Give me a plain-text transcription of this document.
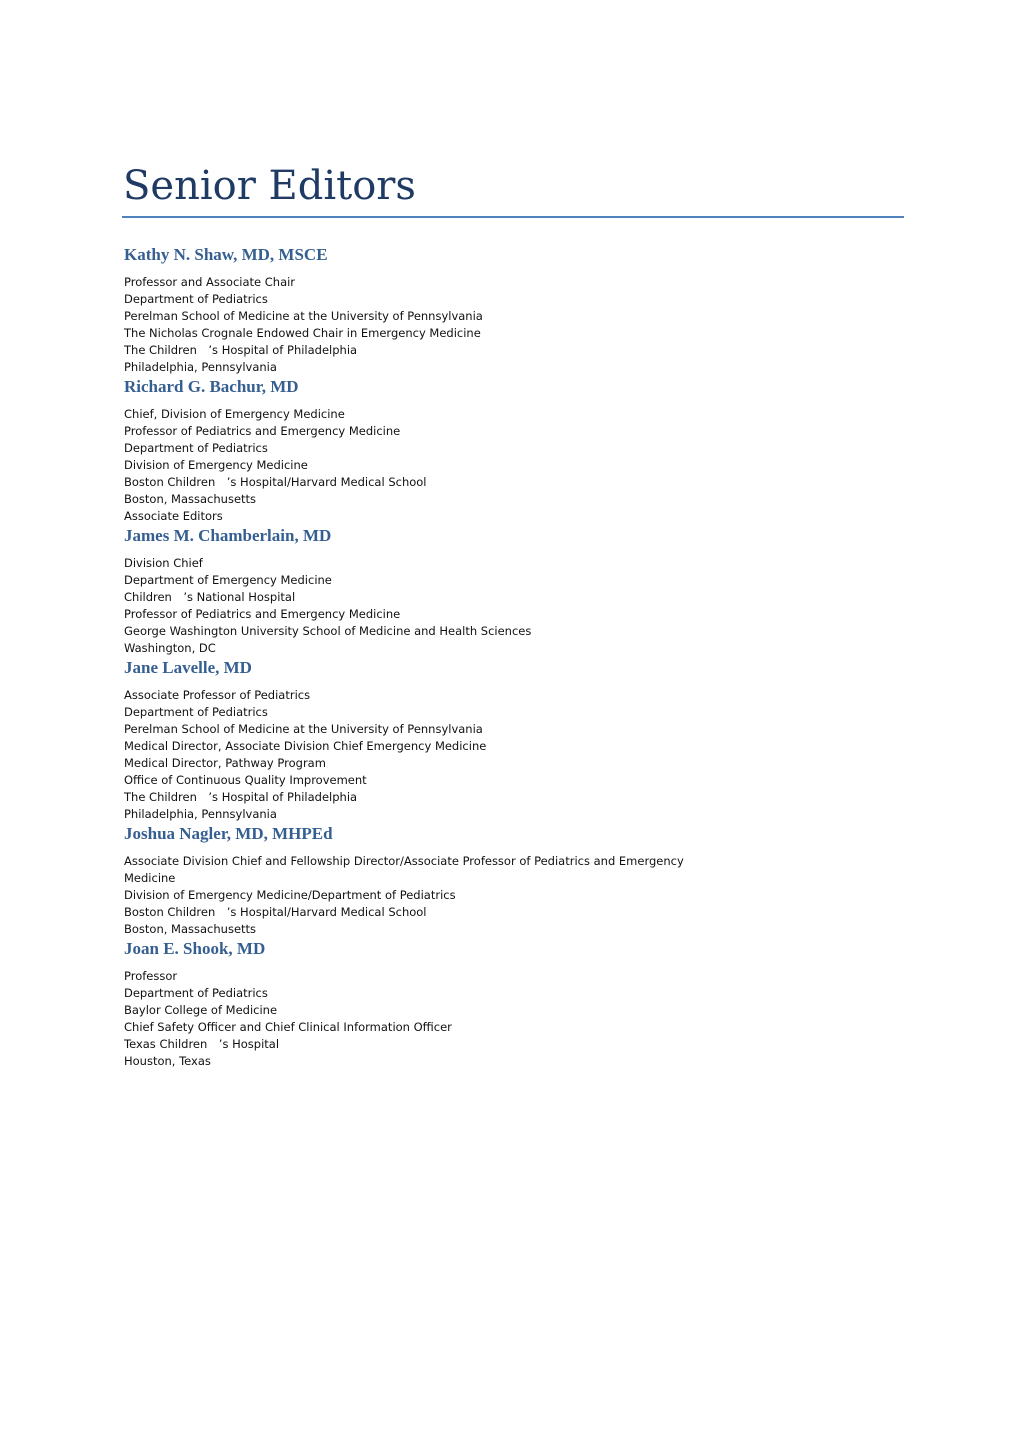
Senior Editors
Kathy N. Shaw, MD, MSCE
Professor and Associate Chair
Department of Pediatrics
Perelman School of Medicine at the University of Pennsylvania
The Nicholas Crognale Endowed Chair in Emergency Medicine
The Children　’s Hospital of Philadelphia
Philadelphia, Pennsylvania
Richard G. Bachur, MD
Chief, Division of Emergency Medicine
Professor of Pediatrics and Emergency Medicine
Department of Pediatrics
Division of Emergency Medicine
Boston Children　’s Hospital/Harvard Medical School
Boston, Massachusetts
Associate Editors
James M. Chamberlain, MD
Division Chief
Department of Emergency Medicine
Children　’s National Hospital
Professor of Pediatrics and Emergency Medicine
George Washington University School of Medicine and Health Sciences
Washington, DC
Jane Lavelle, MD
Associate Professor of Pediatrics
Department of Pediatrics
Perelman School of Medicine at the University of Pennsylvania
Medical Director, Associate Division Chief Emergency Medicine
Medical Director, Pathway Program
Office of Continuous Quality Improvement
The Children　’s Hospital of Philadelphia
Philadelphia, Pennsylvania
Joshua Nagler, MD, MHPEd
Associate Division Chief and Fellowship Director/Associate Professor of Pediatrics and Emergency
Medicine
Division of Emergency Medicine/Department of Pediatrics
Boston Children　’s Hospital/Harvard Medical School
Boston, Massachusetts
Joan E. Shook, MD
Professor
Department of Pediatrics
Baylor College of Medicine
Chief Safety Officer and Chief Clinical Information Officer
Texas Children　’s Hospital
Houston, Texas
